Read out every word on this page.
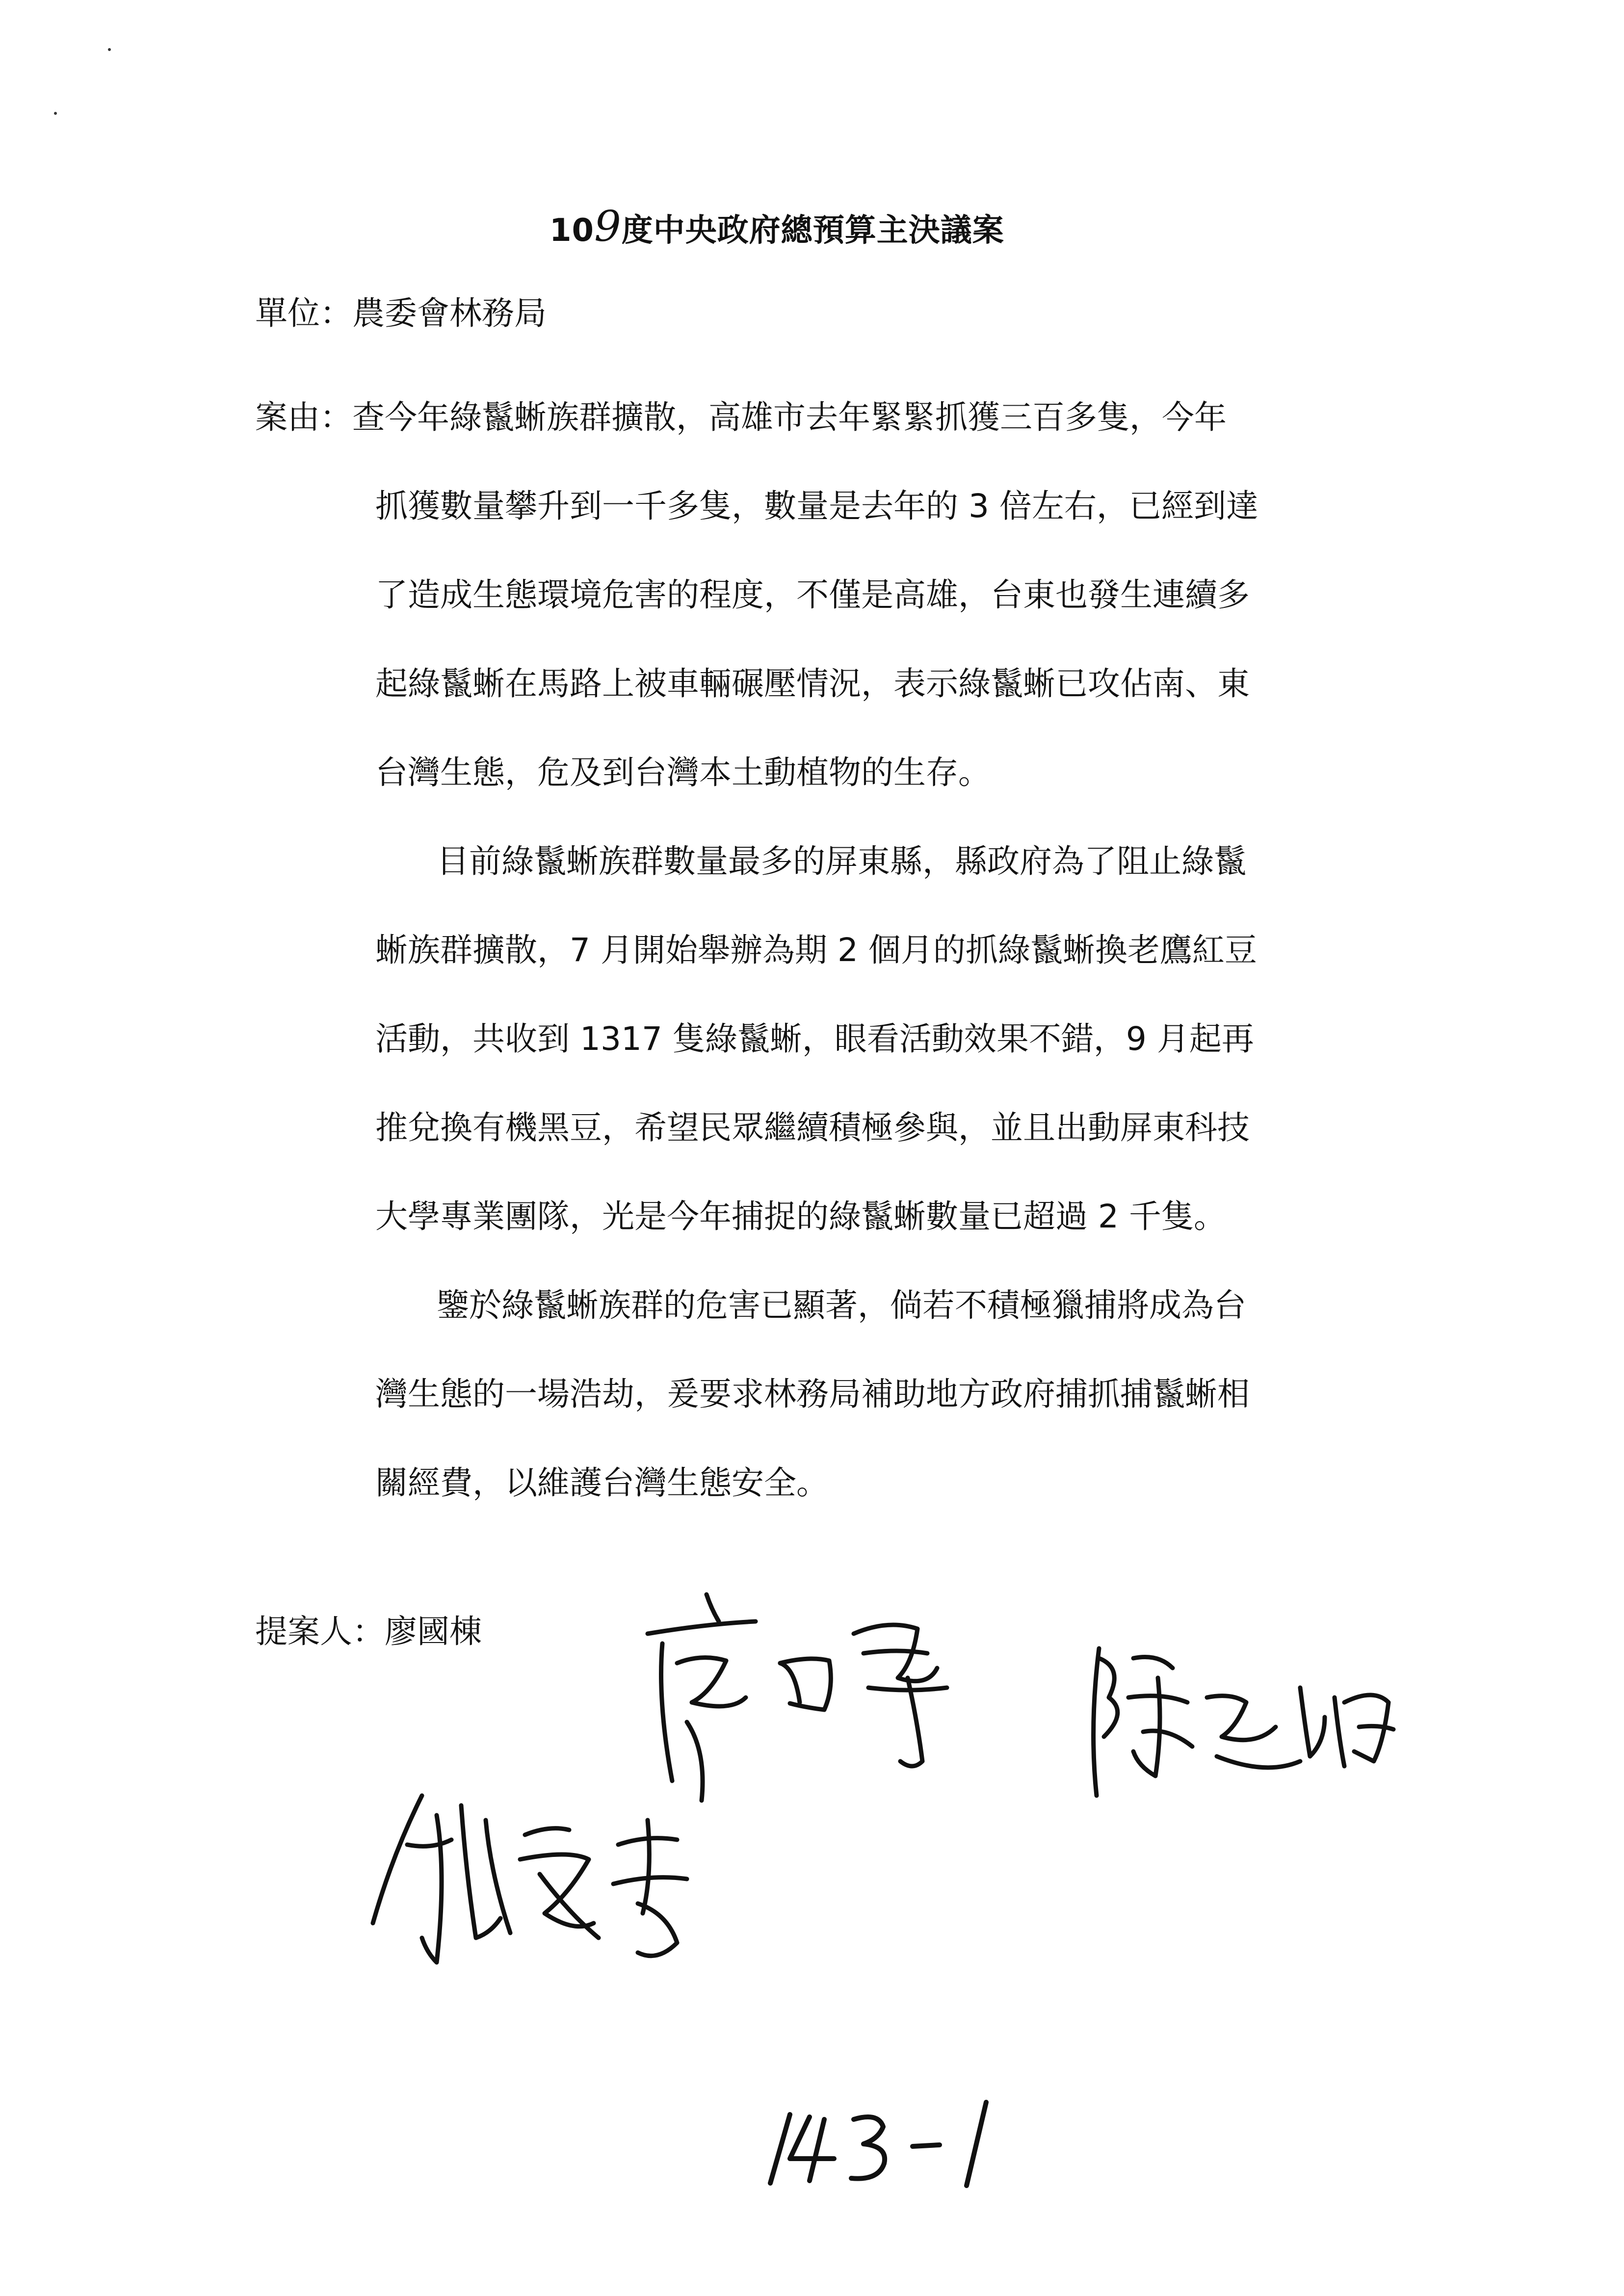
109度中央政府總預算主決議案
單位：農委會林務局
案由： 查今年綠鬣蜥族群擴散，高雄市去年緊緊抓獲三百多隻，今年
抓獲數量攀升到一千多隻，數量是去年的 3 倍左右，已經到達
了造成生態環境危害的程度，不僅是高雄，台東也發生連續多
起綠鬣蜥在馬路上被車輛碾壓情況，表示綠鬣蜥已攻佔南、東
台灣生態，危及到台灣本土動植物的生存。
目前綠鬣蜥族群數量最多的屏東縣，縣政府為了阻止綠鬣
蜥族群擴散，7 月開始舉辦為期 2 個月的抓綠鬣蜥換老鷹紅豆
活動，共收到 1317 隻綠鬣蜥，眼看活動效果不錯，9 月起再
推兌換有機黑豆，希望民眾繼續積極參與，並且出動屏東科技
大學專業團隊，光是今年捕捉的綠鬣蜥數量已超過 2 千隻。
鑒於綠鬣蜥族群的危害已顯著，倘若不積極獵捕將成為台
灣生態的一場浩劫，爰要求林務局補助地方政府捕抓捕鬣蜥相
關經費，以維護台灣生態安全。
提案人：廖國棟
